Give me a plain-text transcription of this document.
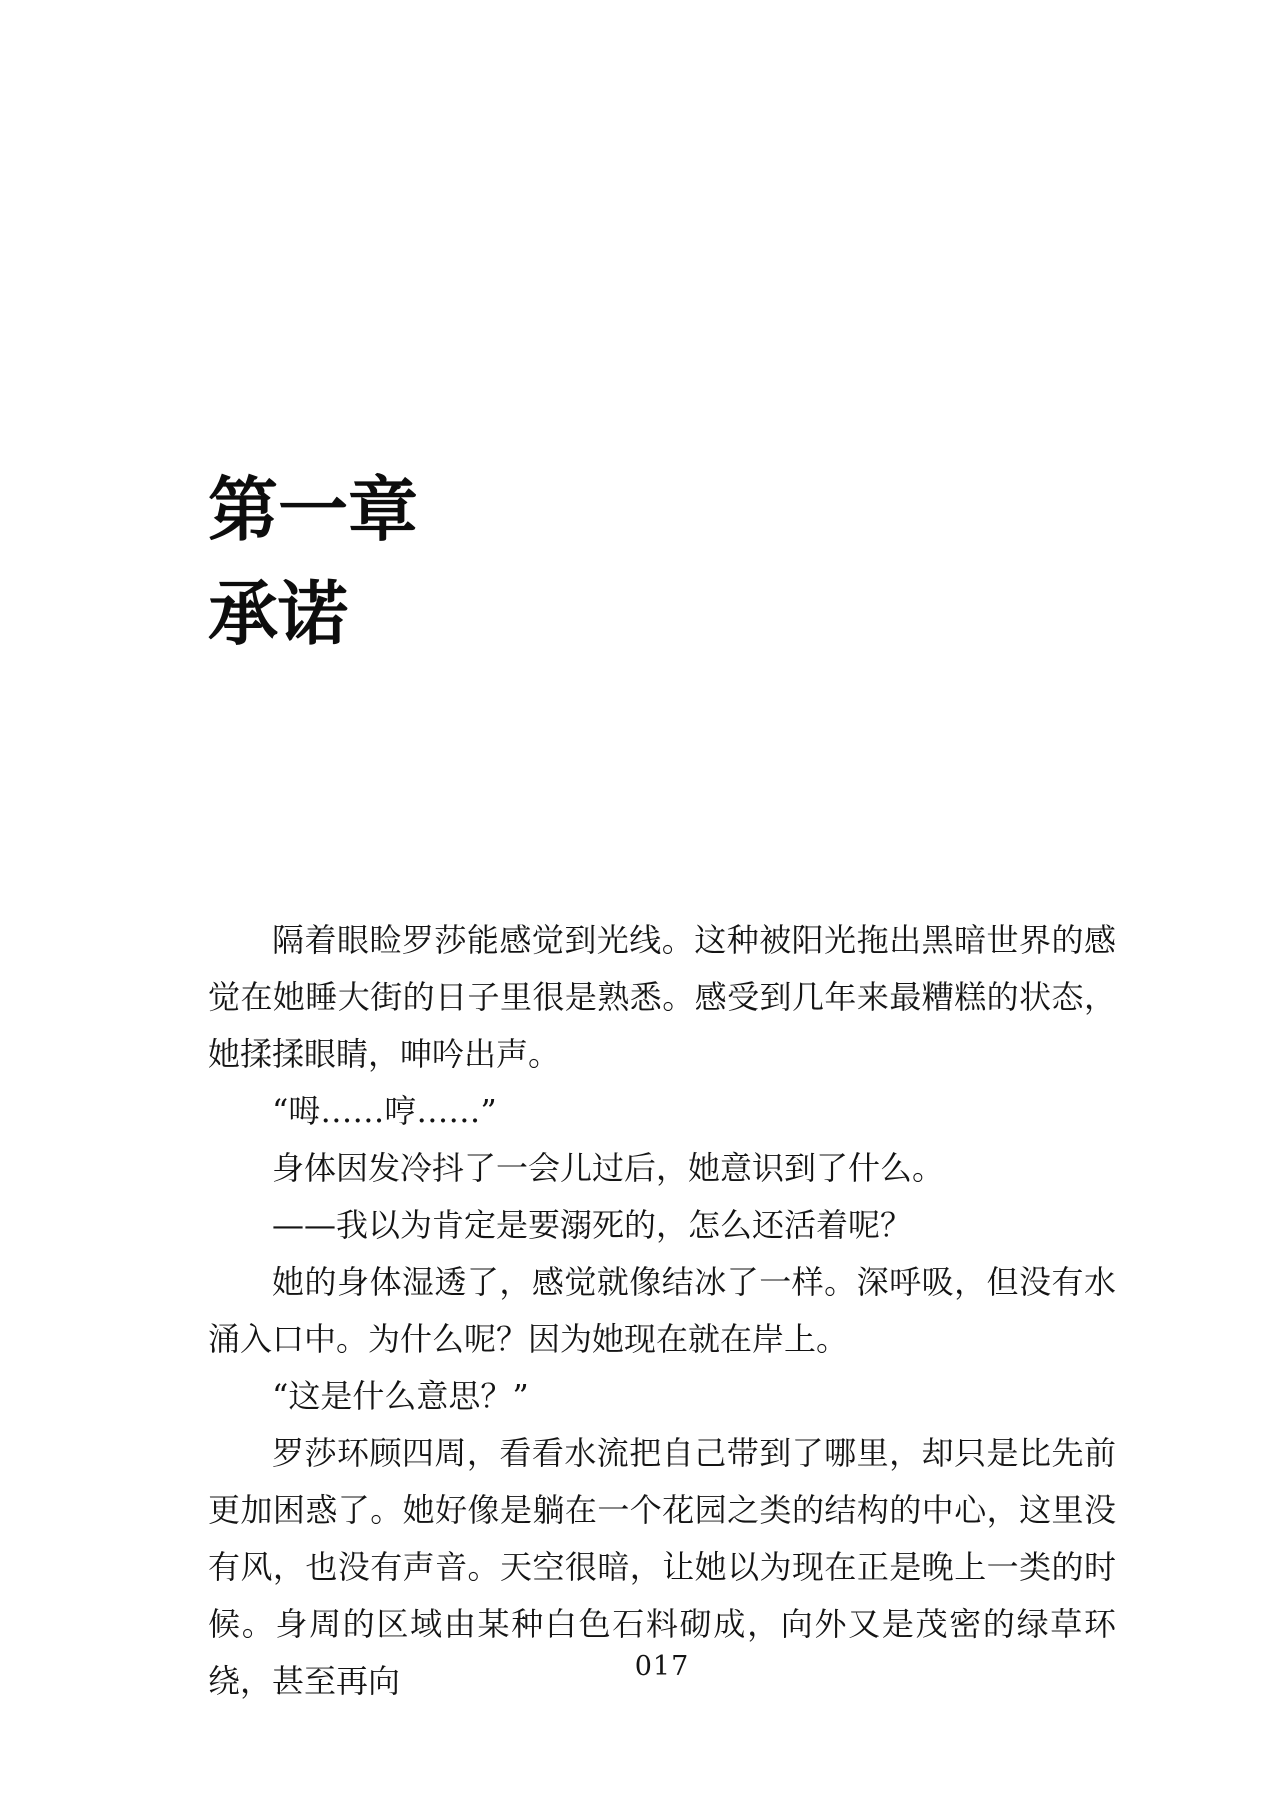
第一章
承诺

隔着眼睑罗莎能感觉到光线。这种被阳光拖出黑暗世界的感觉在她睡大街的日子里很是熟悉。感受到几年来最糟糕的状态，她揉揉眼睛，呻吟出声。

“呣……哼……”

身体因发冷抖了一会儿过后，她意识到了什么。

——我以为肯定是要溺死的，怎么还活着呢？

她的身体湿透了，感觉就像结冰了一样。深呼吸，但没有水涌入口中。为什么呢？因为她现在就在岸上。

“这是什么意思？”

罗莎环顾四周，看看水流把自己带到了哪里，却只是比先前更加困惑了。她好像是躺在一个花园之类的结构的中心，这里没有风，也没有声音。天空很暗，让她以为现在正是晚上一类的时候。身周的区域由某种白色石料砌成，向外又是茂密的绿草环绕，甚至再向	017
